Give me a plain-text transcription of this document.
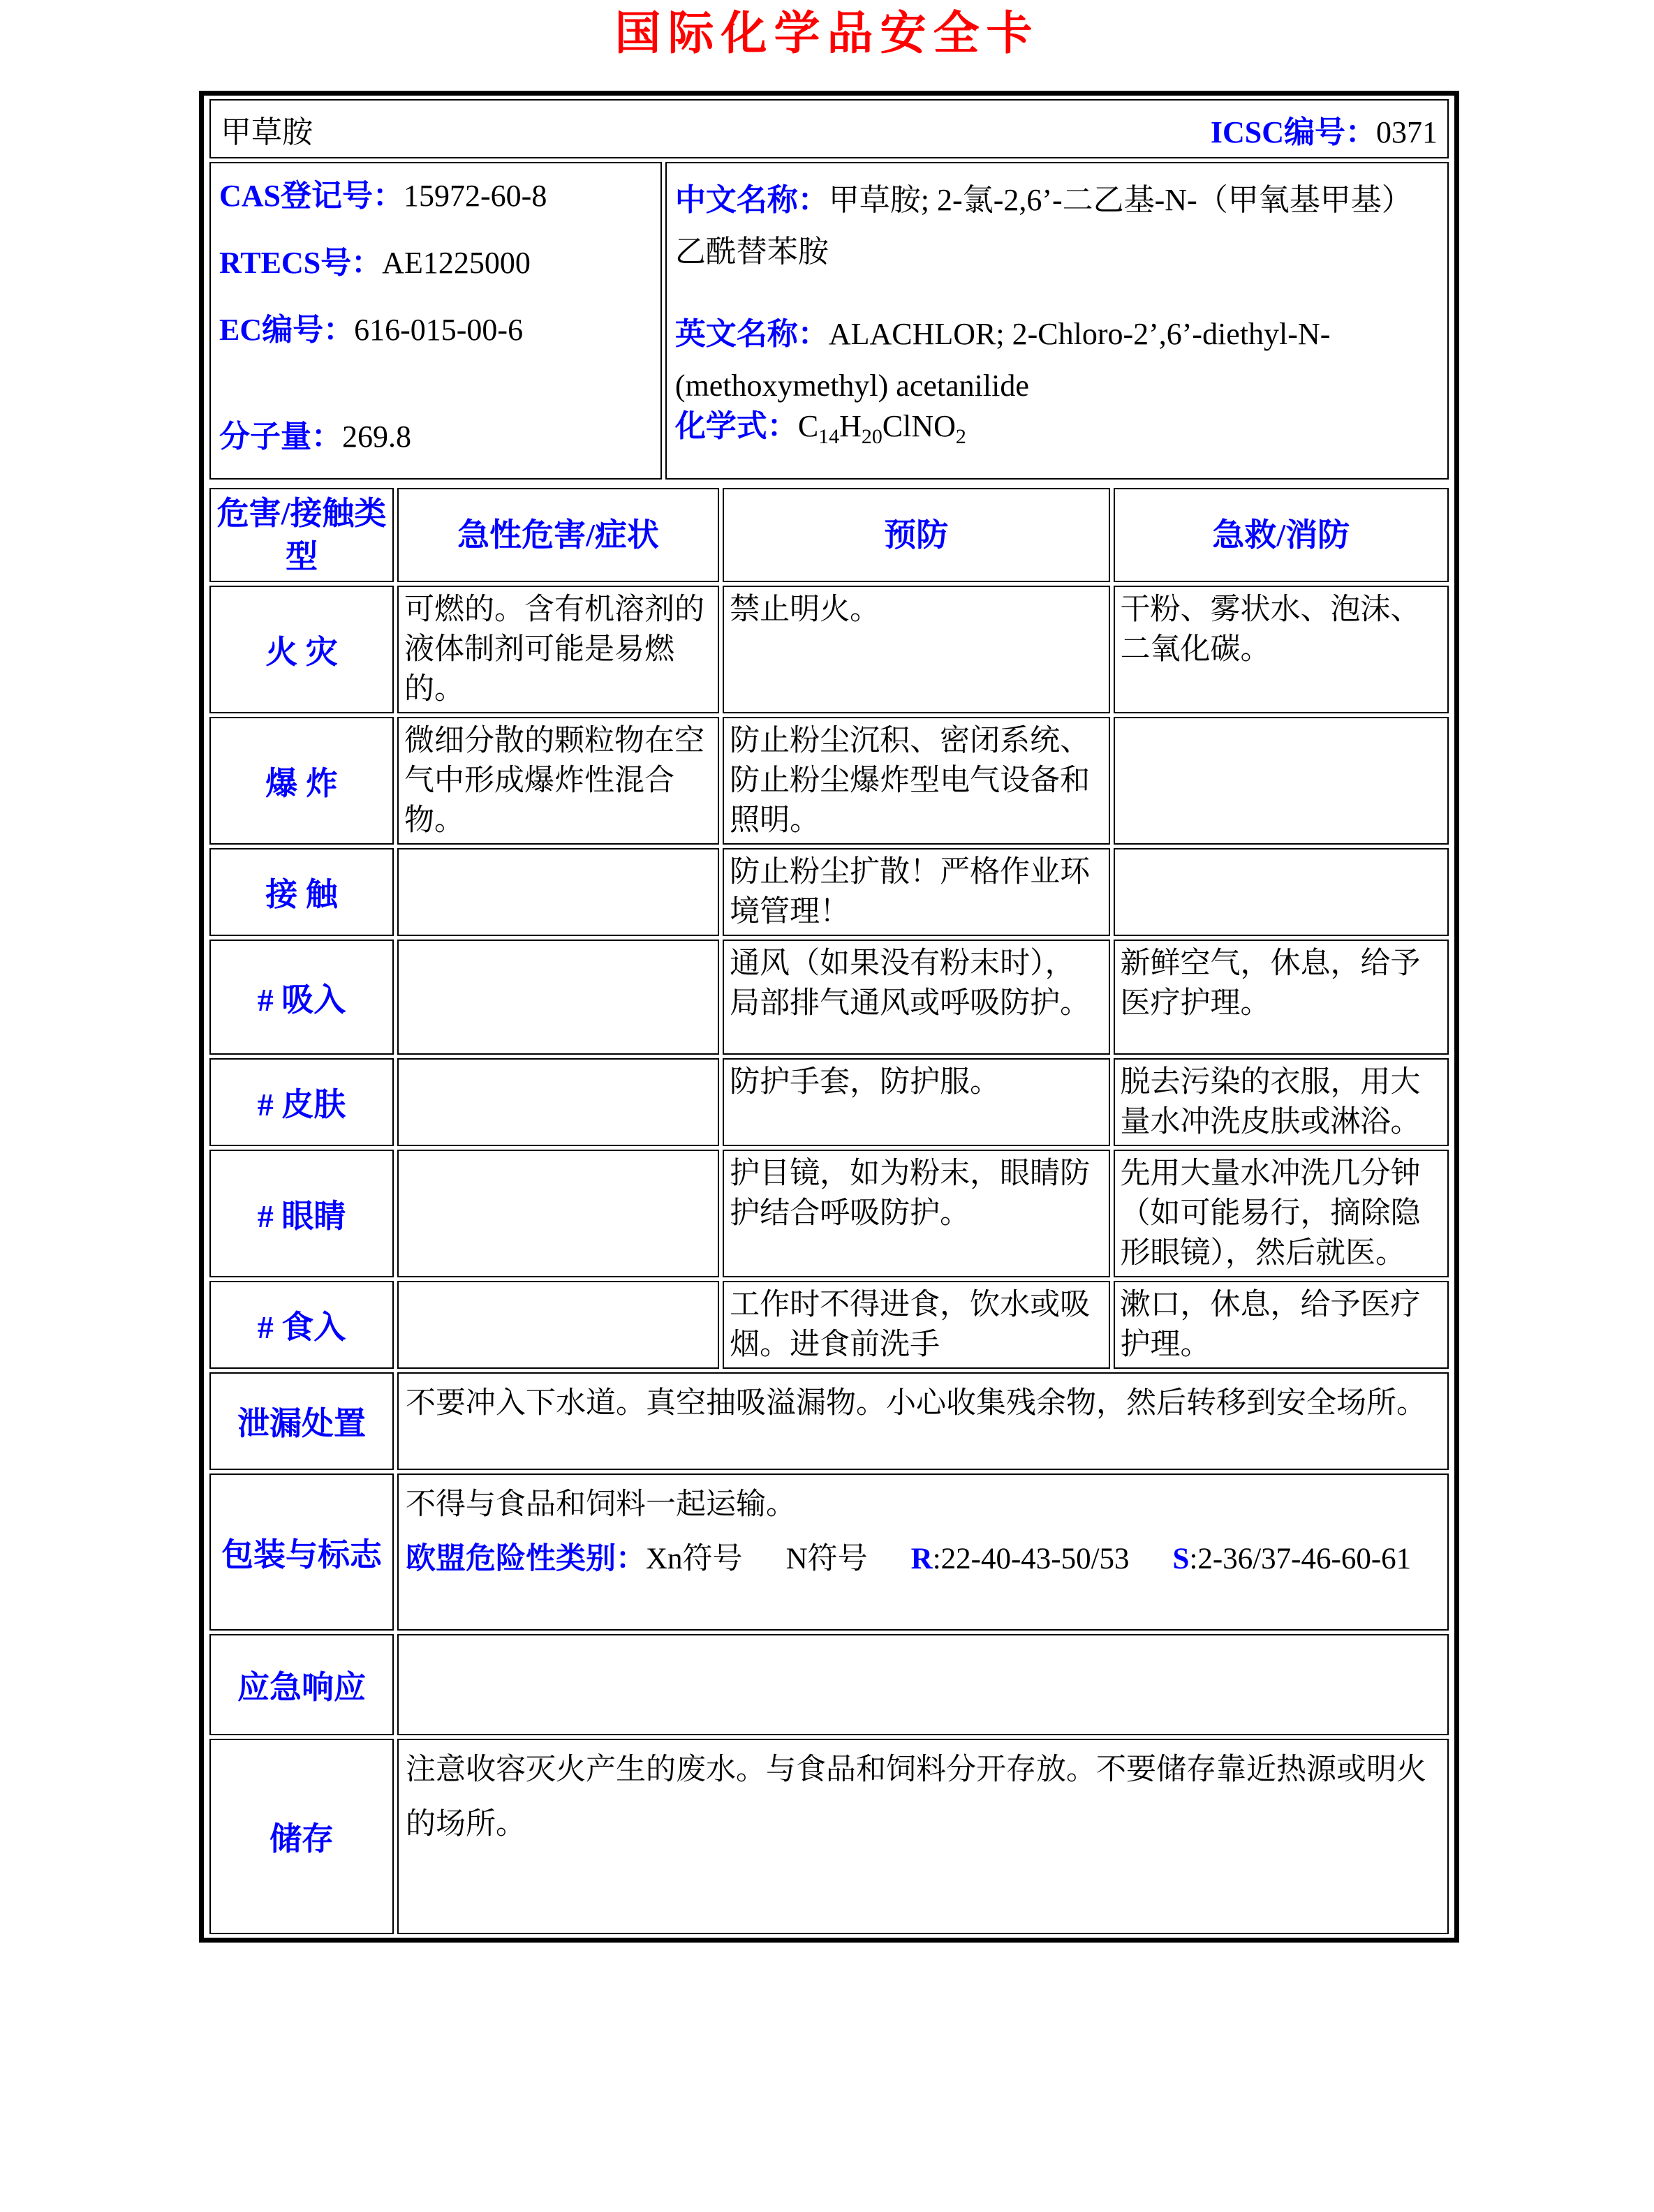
国际化学品安全卡
甲草胺	ICSC编号：0371

CAS登记号：15972-60-8
RTECS号：AE1225000
EC编号：616-015-00-6
分子量：269.8

中文名称：甲草胺; 2-氯-2,6’-二乙基-N-（甲氧基甲基）乙酰替苯胺
英文名称：ALACHLOR; 2-Chloro-2’,6’-diethyl-N-(methoxymethyl) acetanilide
化学式：$C_{14}H_{20}ClNO_2$
危害/接触类型	急性危害/症状	预防	急救/消防
火 灾	可燃的。含有机溶剂的液体制剂可能是易燃的。	禁止明火。	干粉、雾状水、泡沫、二氧化碳。
爆 炸	微细分散的颗粒物在空气中形成爆炸性混合物。	防止粉尘沉积、密闭系统、防止粉尘爆炸型电气设备和照明。	
接 触		防止粉尘扩散！严格作业环境管理！	
# 吸入		通风（如果没有粉末时），局部排气通风或呼吸防护。	新鲜空气，休息，给予医疗护理。
# 皮肤		防护手套，防护服。	脱去污染的衣服，用大量水冲洗皮肤或淋浴。
# 眼睛		护目镜，如为粉末，眼睛防护结合呼吸防护。	先用大量水冲洗几分钟（如可能易行，摘除隐形眼镜），然后就医。
# 食入		工作时不得进食，饮水或吸烟。进食前洗手	漱口，休息，给予医疗护理。
泄漏处置	不要冲入下水道。真空抽吸溢漏物。小心收集残余物，然后转移到安全场所。		
包装与标志	不得与食品和饲料一起运输。
欧盟危险性类别：Xn符号 N符号 R:22-40-43-50/53 S:2-36/37-46-60-61		

应急响应			
储存	注意收容灭火产生的废水。与食品和饲料分开存放。不要储存靠近热源或明火的场所。		
